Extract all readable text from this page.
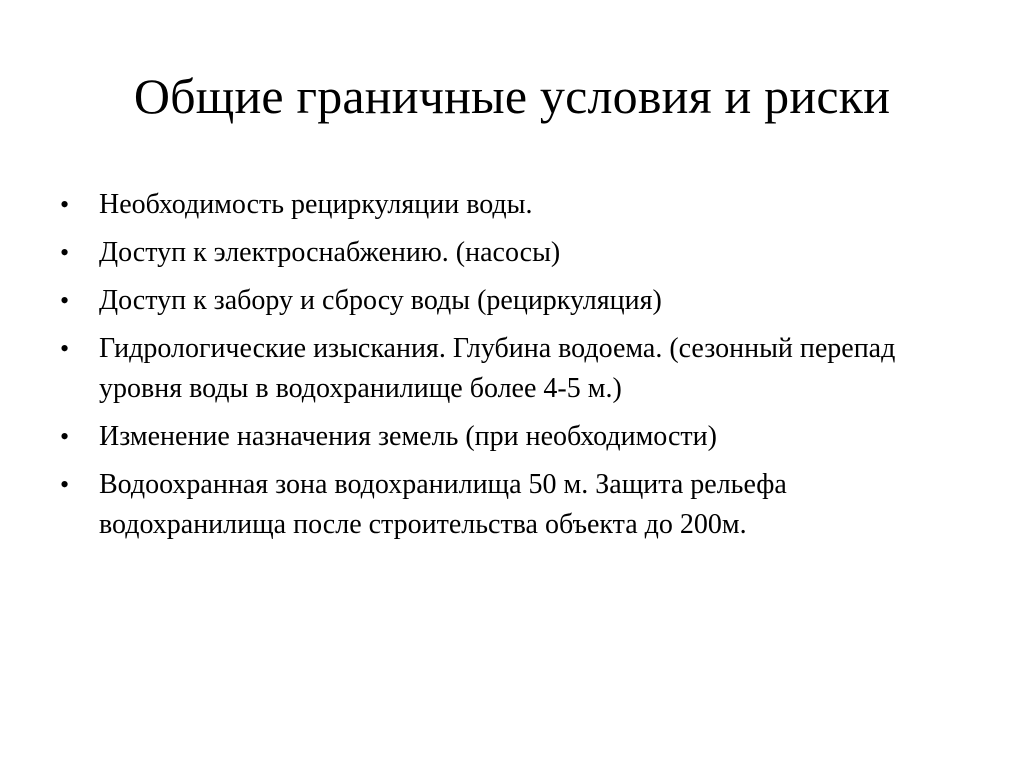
Общие граничные условия и риски
•	Необходимость рециркуляции воды.
•	Доступ к электроснабжению. (насосы)
•	Доступ к забору и сбросу воды (рециркуляция)
•	Гидрологические изыскания. Глубина водоема. (сезонный перепад уровня воды в водохранилище более 4-5 м.)
•	Изменение назначения земель (при необходимости)
•	Водоохранная зона водохранилища 50 м. Защита рельефа водохранилища после строительства объекта до 200м.
